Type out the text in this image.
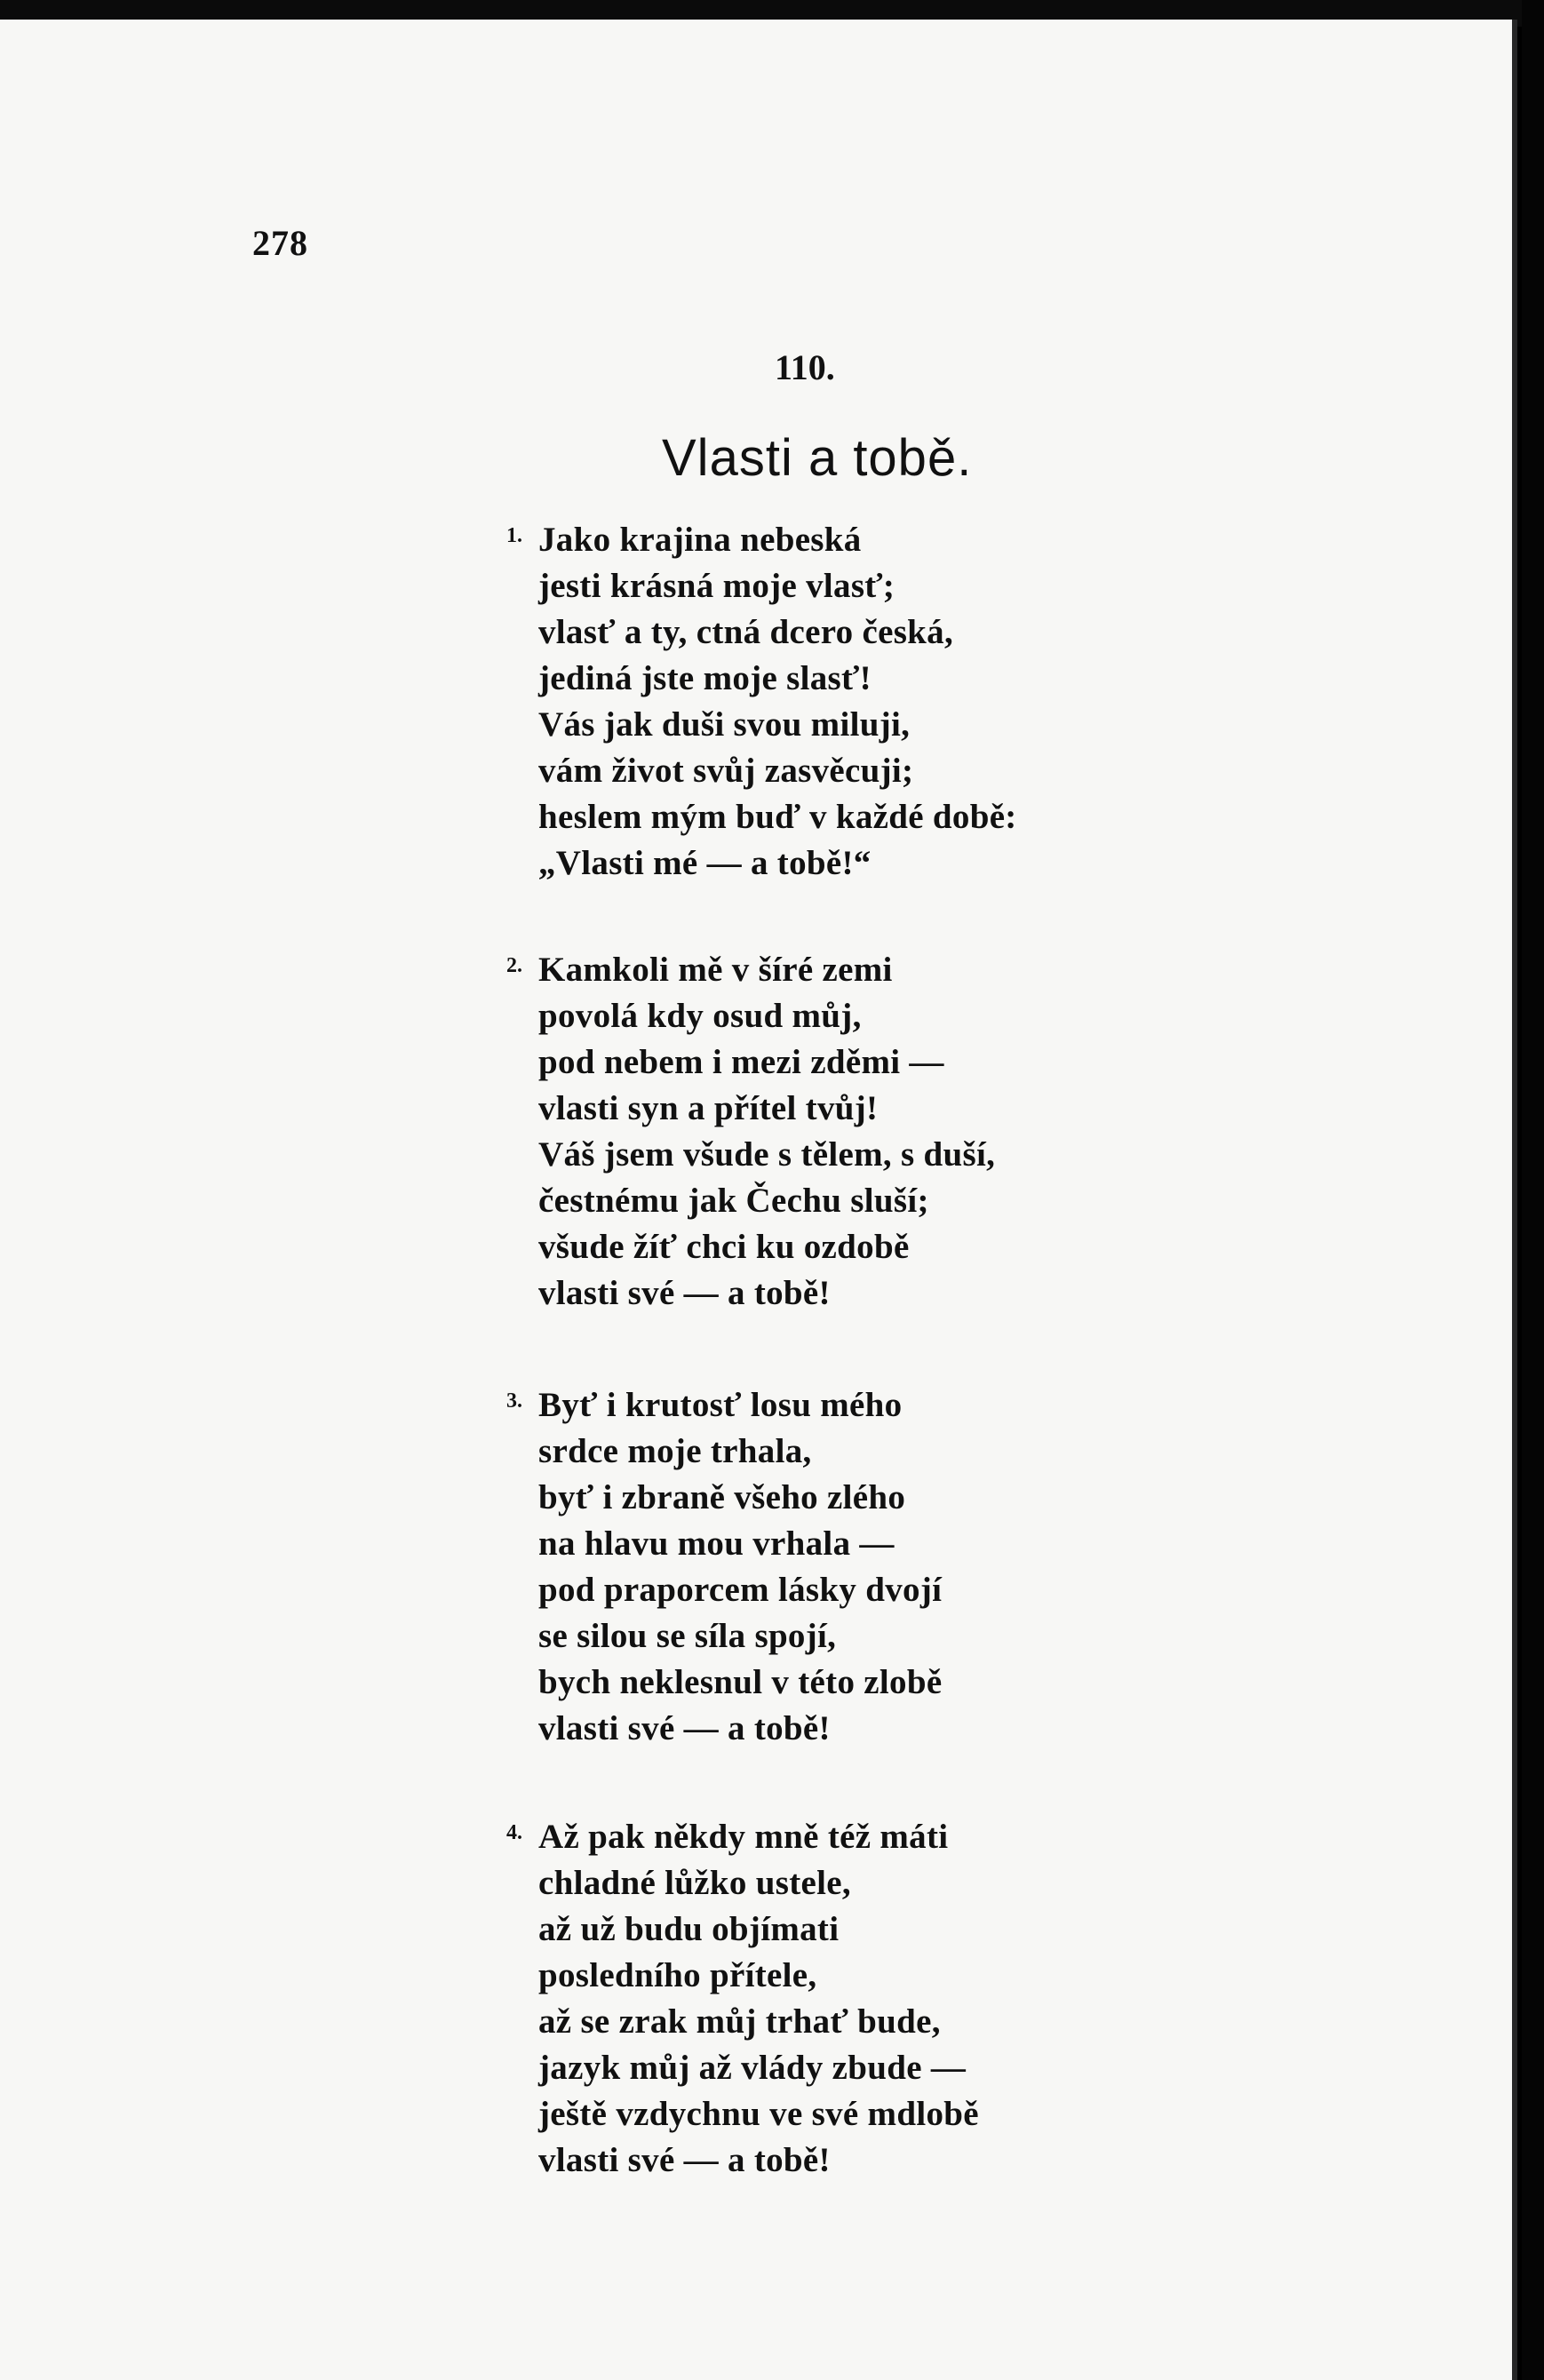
278
110.
Vlasti a tobě.
1. Jako krajina nebeská
jesti krásná moje vlasť;
vlasť a ty, ctná dcero česká,
jediná jste moje slasť!
Vás jak duši svou miluji,
vám život svůj zasvěcuji;
heslem mým buď v každé době:
„Vlasti mé — a tobě!“
2. Kamkoli mě v šíré zemi
povolá kdy osud můj,
pod nebem i mezi zděmi —
vlasti syn a přítel tvůj!
Váš jsem všude s tělem, s duší,
čestnému jak Čechu sluší;
všude žíť chci ku ozdobě
vlasti své — a tobě!
3. Byť i krutosť losu mého
srdce moje trhala,
byť i zbraně všeho zlého
na hlavu mou vrhala —
pod praporcem lásky dvojí
se silou se síla spojí,
bych neklesnul v této zlobě
vlasti své — a tobě!
4. Až pak někdy mně též máti
chladné lůžko ustele,
až už budu objímati
posledního přítele,
až se zrak můj trhať bude,
jazyk můj až vlády zbude —
ještě vzdychnu ve své mdlobě
vlasti své — a tobě!
